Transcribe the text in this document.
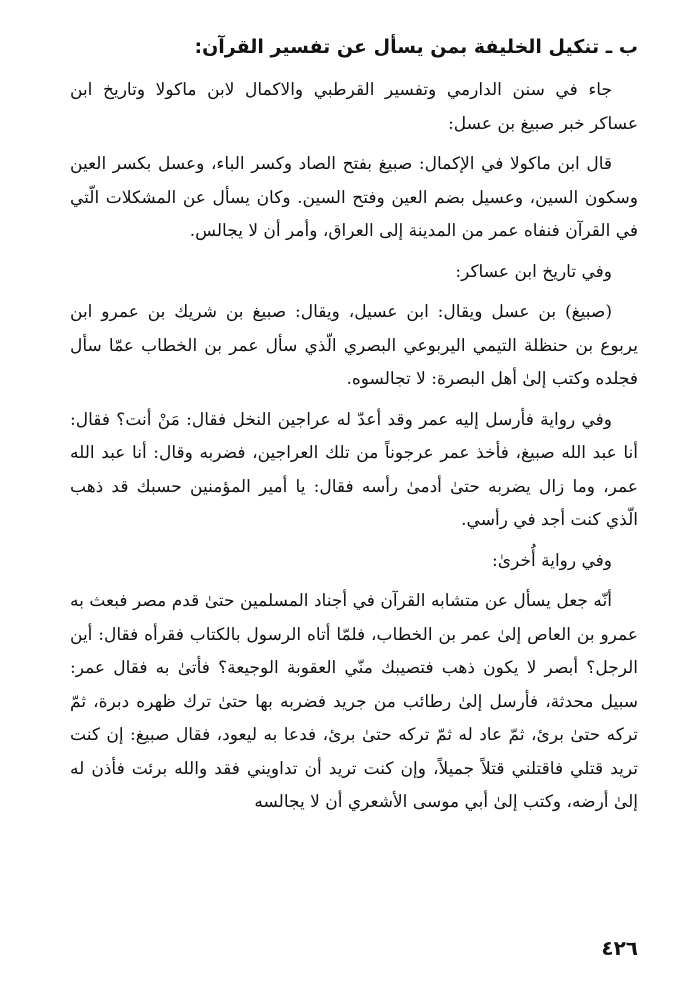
ب ـ تنكيل الخليفة بمن يسأل عن تفسير القرآن:

جاء في سنن الدارمي وتفسير القرطبي والاكمال لابن ماكولا وتاريخ ابن عساكر خبر صبيغ بن عسل:

قال ابن ماكولا في الإكمال: صبيغ بفتح الصاد وكسر الباء، وعسل بكسر العين وسكون السين، وعسيل بضم العين وفتح السين. وكان يسأل عن المشكلات الّتي في القرآن فنفاه عمر من المدينة إلى العراق، وأمر أن لا يجالس.

وفي تاريخ ابن عساكر:

(صبيغ) بن عسل ويقال: ابن عسيل، ويقال: صبيغ بن شريك بن عمرو ابن يربوع بن حنظلة التيمي اليربوعي البصري الّذي سأل عمر بن الخطاب عمّا سأل فجلده وكتب إلىٰ أهل البصرة: لا تجالسوه.

وفي رواية فأرسل إليه عمر وقد أعدّ له عراجين النخل فقال: مَنْ أنت؟ فقال: أنا عبد الله صبيغ، فأخذ عمر عرجوناً من تلك العراجين، فضربه وقال: أنا عبد الله عمر، وما زال يضربه حتىٰ أدمىٰ رأسه فقال: يا أمير المؤمنين حسبك قد ذهب الّذي كنت أجد في رأسي.

وفي رواية أُخرىٰ:

أنّه جعل يسأل عن متشابه القرآن في أجناد المسلمين حتىٰ قدم مصر فبعث به عمرو بن العاص إلىٰ عمر بن الخطاب، فلمّا أتاه الرسول بالكتاب فقرأه فقال: أين الرجل؟ أبصر لا يكون ذهب فتصيبك منّي العقوبة الوجيعة؟ فأتىٰ به فقال عمر: سبيل محدثة، فأرسل إلىٰ رطائب من جريد فضربه بها حتىٰ ترك ظهره دبرة، ثمّ تركه حتىٰ برئ، ثمّ عاد له ثمّ تركه حتىٰ برئ، فدعا به ليعود، فقال صبيغ: إن كنت تريد قتلي فاقتلني قتلاً جميلاً، وإن كنت تريد أن تداويني فقد والله برئت فأذن له إلىٰ أرضه، وكتب إلىٰ أبي موسى الأشعري أن لا يجالسه

٤٢٦
